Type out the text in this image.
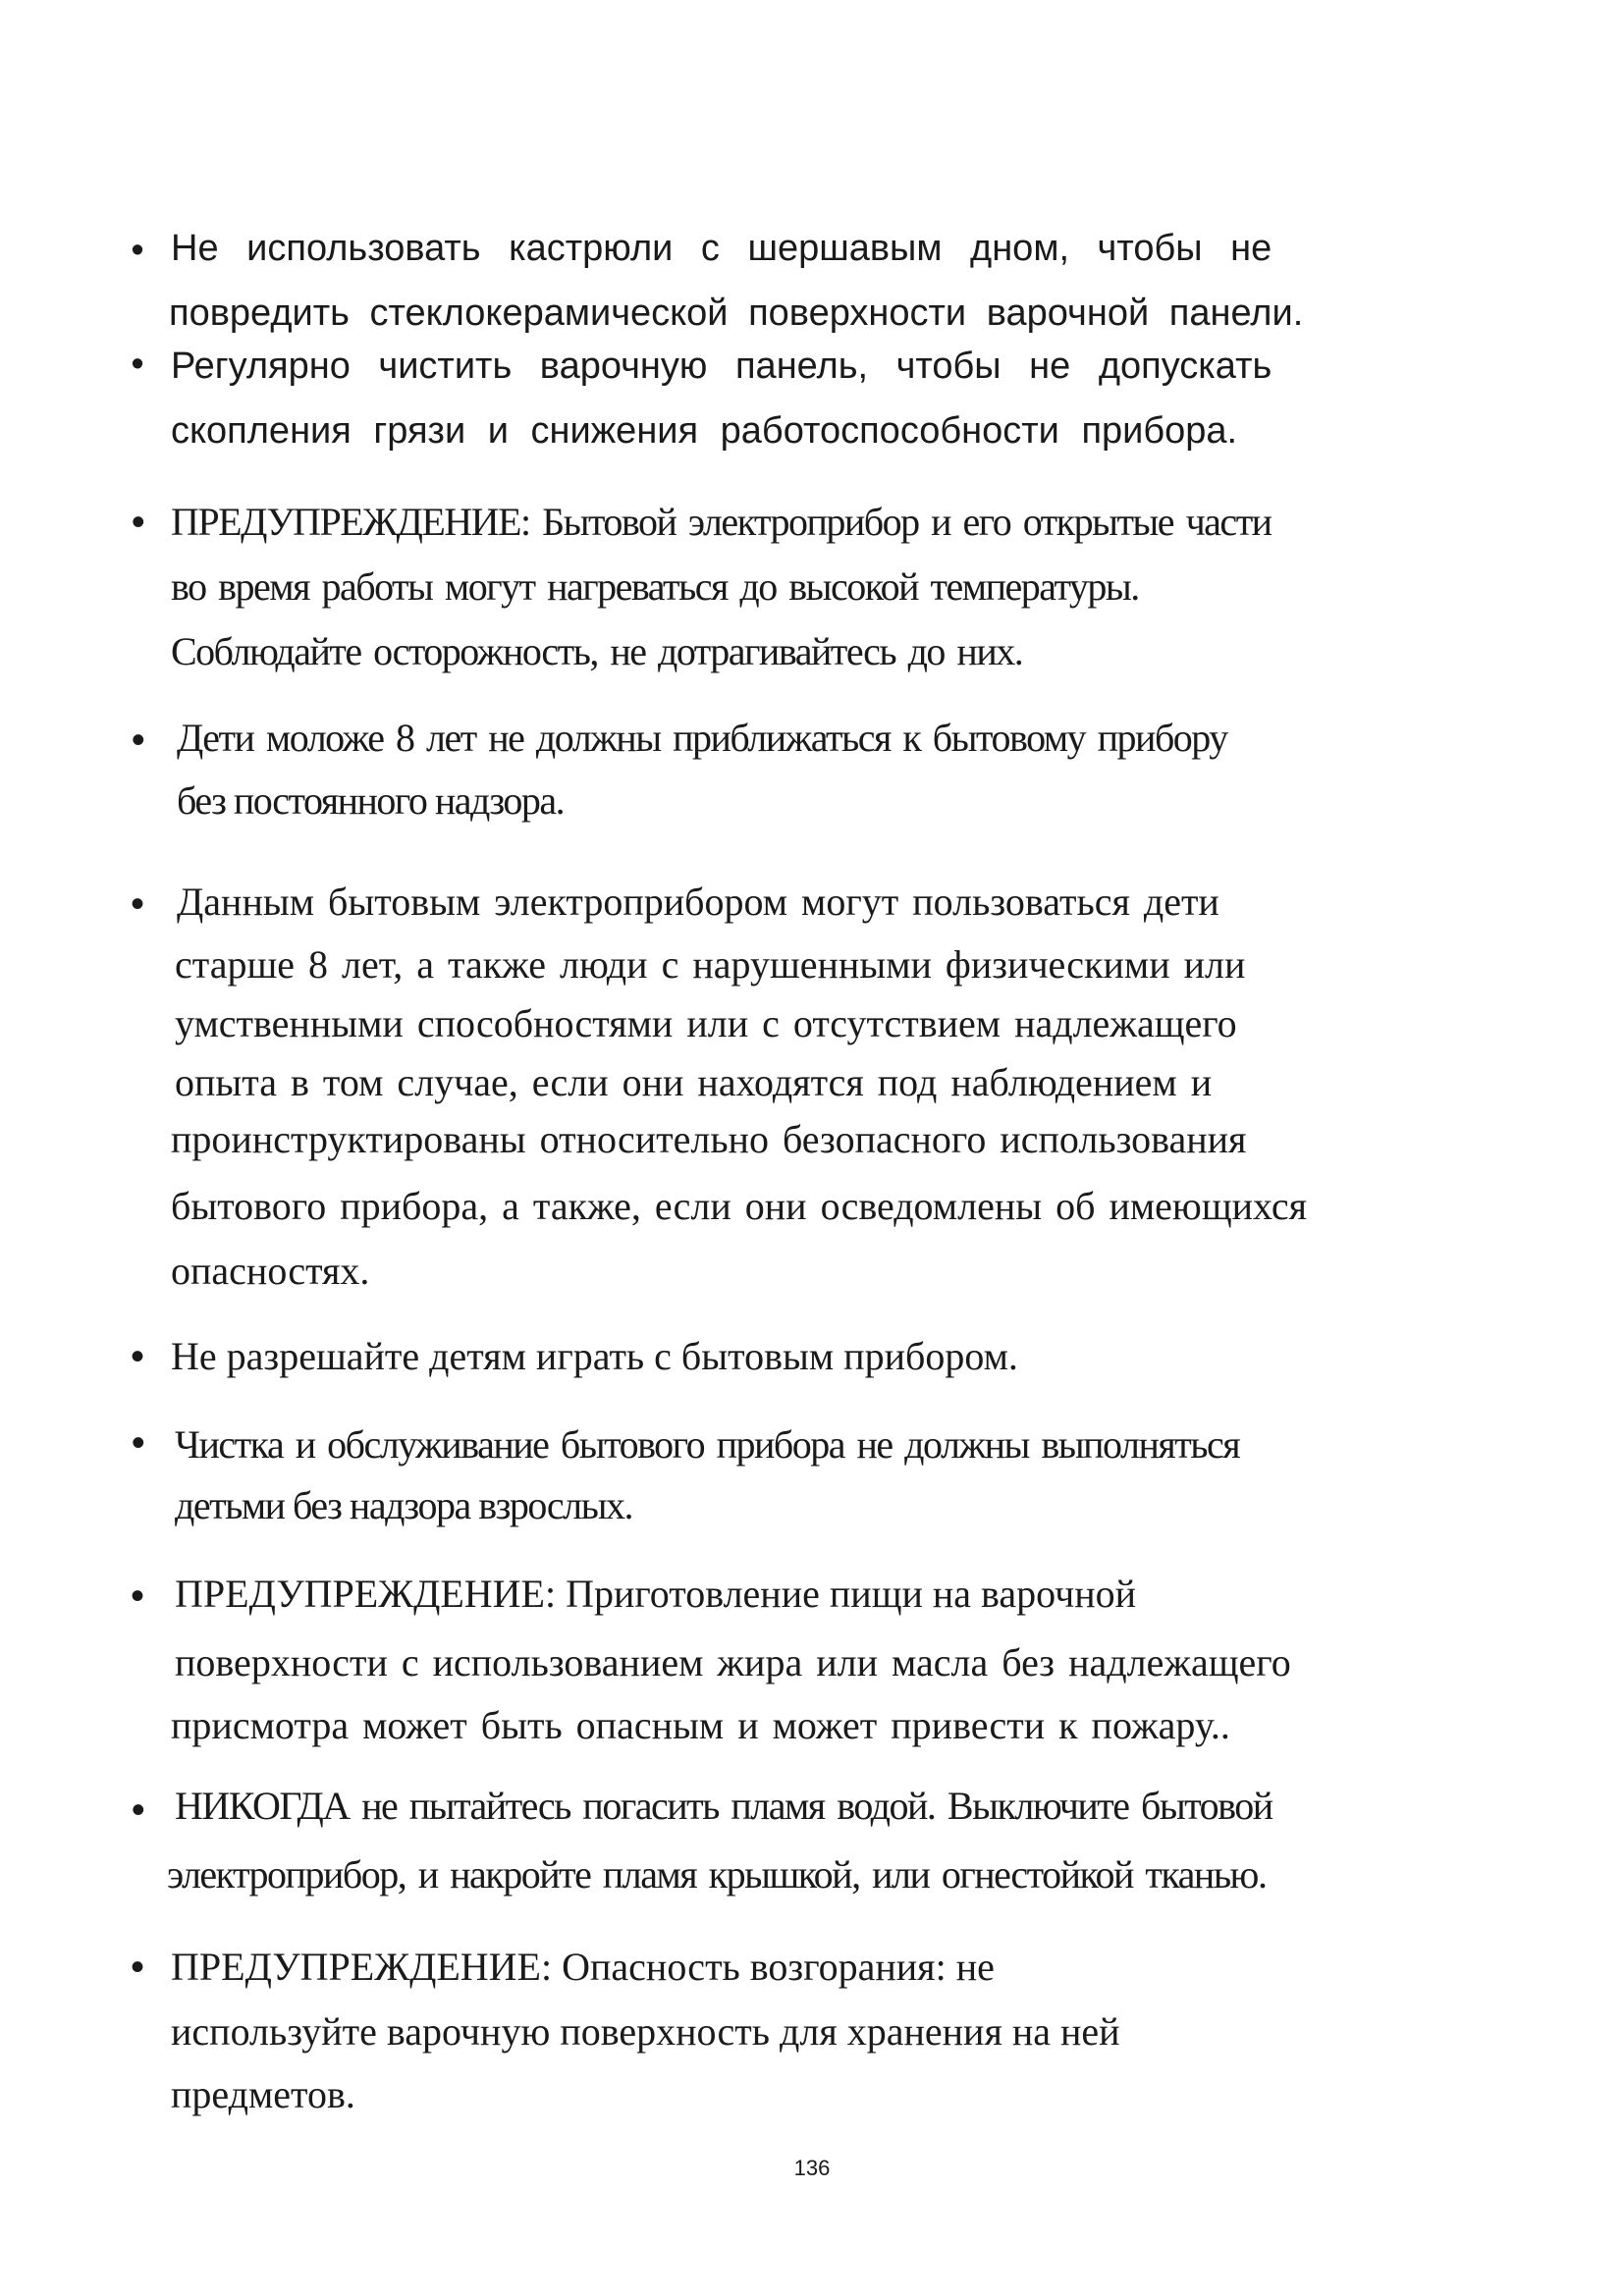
• Не использовать кастрюли с шершавым дном, чтобы не
повредить стеклокерамической поверхности варочной панели.
• Регулярно чистить варочную панель, чтобы не допускать
скопления грязи и снижения работоспособности прибора.
• ПРЕДУПРЕЖДЕНИЕ: Бытовой электроприбор и его открытые части
во время работы могут нагреваться до высокой температуры.
Соблюдайте осторожность, не дотрагивайтесь до них.
• Дети моложе 8 лет не должны приближаться к бытовому прибору
без постоянного надзора.
• Данным бытовым электроприбором могут пользоваться дети
старше 8 лет, а также люди с нарушенными физическими или
умственными способностями или с отсутствием надлежащего
опыта в том случае, если они находятся под наблюдением и
проинструктированы относительно безопасного использования
бытового прибора, а также, если они осведомлены об имеющихся
опасностях.
• Не разрешайте детям играть с бытовым прибором.
• Чистка и обслуживание бытового прибора не должны выполняться
детьми без надзора взрослых.
• ПРЕДУПРЕЖДЕНИЕ: Приготовление пищи на варочной
поверхности с использованием жира или масла без надлежащего
присмотра может быть опасным и может привести к пожару..
• НИКОГДА не пытайтесь погасить пламя водой. Выключите бытовой
электроприбор, и накройте пламя крышкой, или огнестойкой тканью.
• ПРЕДУПРЕЖДЕНИЕ: Опасность возгорания: не
используйте варочную поверхность для хранения на ней
предметов.
136
